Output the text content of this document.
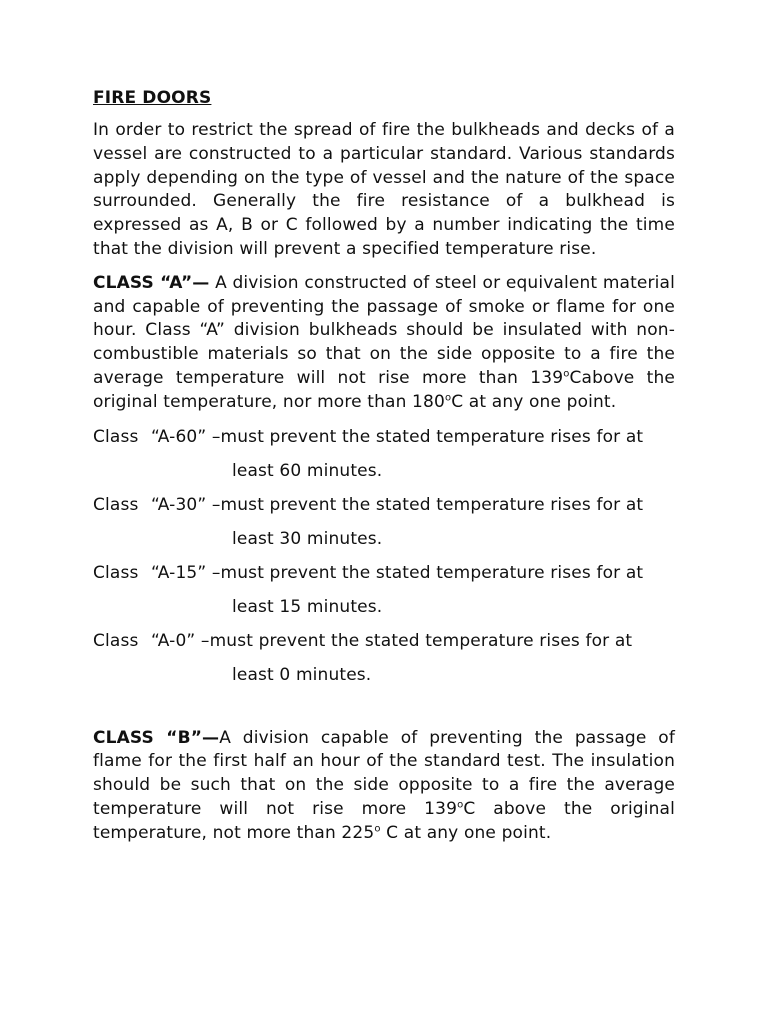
FIRE DOORS

In order to restrict the spread of fire the bulkheads and decks of a vessel are constructed to a particular standard. Various standards apply depending on the type of vessel and the nature of the space surrounded. Generally the fire resistance of a bulkhead is expressed as A, B or C followed by a number indicating the time that the division will prevent a specified temperature rise.

CLASS “A”— A division constructed of steel or equivalent material and capable of preventing the passage of smoke or flame for one hour. Class “A” division bulkheads should be insulated with non-combustible materials so that on the side opposite to a fire the average temperature will not rise more than 139$^o$Cabove the original temperature, nor more than 180$^o$C at any one point.

Class “A-60” –must prevent the stated temperature rises for at
least 60 minutes.
Class “A-30” –must prevent the stated temperature rises for at
least 30 minutes.
Class “A-15” –must prevent the stated temperature rises for at
least 15 minutes.
Class “A-0” –must prevent the stated temperature rises for at
least 0 minutes.

CLASS “B”—A division capable of preventing the passage of flame for the first half an hour of the standard test. The insulation should be such that on the side opposite to a fire the average temperature will not rise more 139$^o$C above the original temperature, not more than 225$^o$ C at any one point.
